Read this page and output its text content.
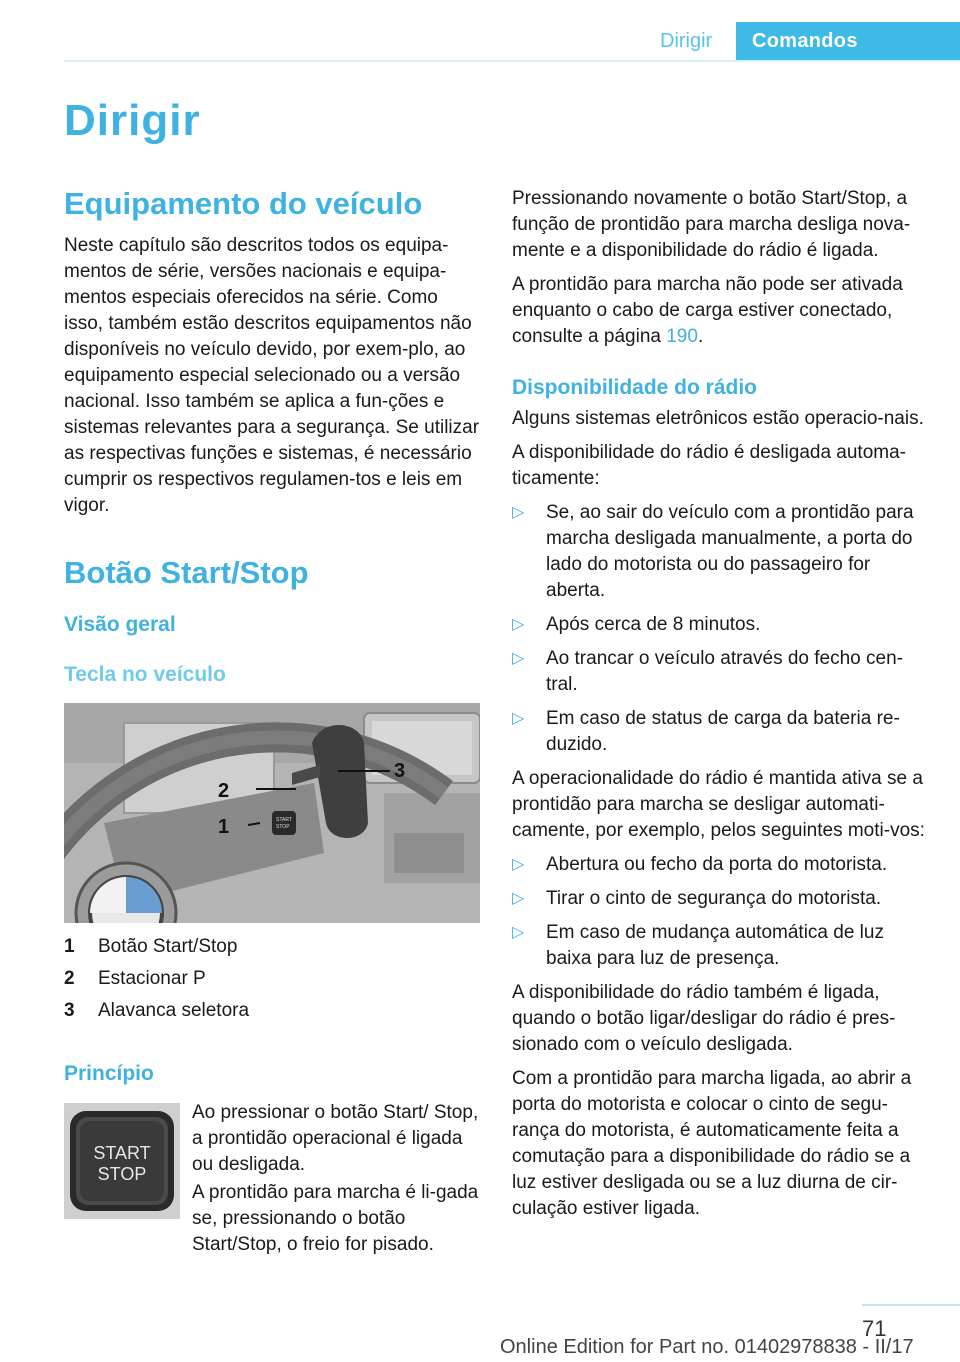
Dirigir	Comandos
Dirigir
Equipamento do veículo

Neste capítulo são descritos todos os equipa-mentos de série, versões nacionais e equipa-mentos especiais oferecidos na série. Como isso, também estão descritos equipamentos não disponíveis no veículo devido, por exem-plo, ao equipamento especial selecionado ou a versão nacional. Isso também se aplica a fun-ções e sistemas relevantes para a segurança. Se utilizar as respectivas funções e sistemas, é necessário cumprir os respectivos regulamen-tos e leis em vigor.

Botão Start/Stop
Visão geral
Tecla no veículo
START
STOP
1
2
3
1 Botão Start/Stop
2 Estacionar P
3 Alavanca seletora
Princípio
START
STOP

Ao pressionar o botão Start/ Stop, a prontidão operacional é ligada ou desligada.

A prontidão para marcha é li-gada se, pressionando o botão Start/Stop, o freio for pisado.

Pressionando novamente o botão Start/Stop, a função de prontidão para marcha desliga nova-mente e a disponibilidade do rádio é ligada.

A prontidão para marcha não pode ser ativada enquanto o cabo de carga estiver conectado, consulte a página 190.

Disponibilidade do rádio

Alguns sistemas eletrônicos estão operacio-nais.

A disponibilidade do rádio é desligada automa-ticamente:

▷ Se, ao sair do veículo com a prontidão para marcha desligada manualmente, a porta do lado do motorista ou do passageiro for aberta.
▷ Após cerca de 8 minutos.
▷ Ao trancar o veículo através do fecho cen-tral.
▷ Em caso de status de carga da bateria re-duzido.

A operacionalidade do rádio é mantida ativa se a prontidão para marcha se desligar automati-camente, por exemplo, pelos seguintes moti-vos:

▷ Abertura ou fecho da porta do motorista.
▷ Tirar o cinto de segurança do motorista.
▷ Em caso de mudança automática de luz baixa para luz de presença.

A disponibilidade do rádio também é ligada, quando o botão ligar/desligar do rádio é pres-sionado com o veículo desligada.

Com a prontidão para marcha ligada, ao abrir a porta do motorista e colocar o cinto de segu-rança do motorista, é automaticamente feita a comutação para a disponibilidade do rádio se a luz estiver desligada ou se a luz diurna de cir-culação estiver ligada.

71
Online Edition for Part no. 01402978838 - II/17
